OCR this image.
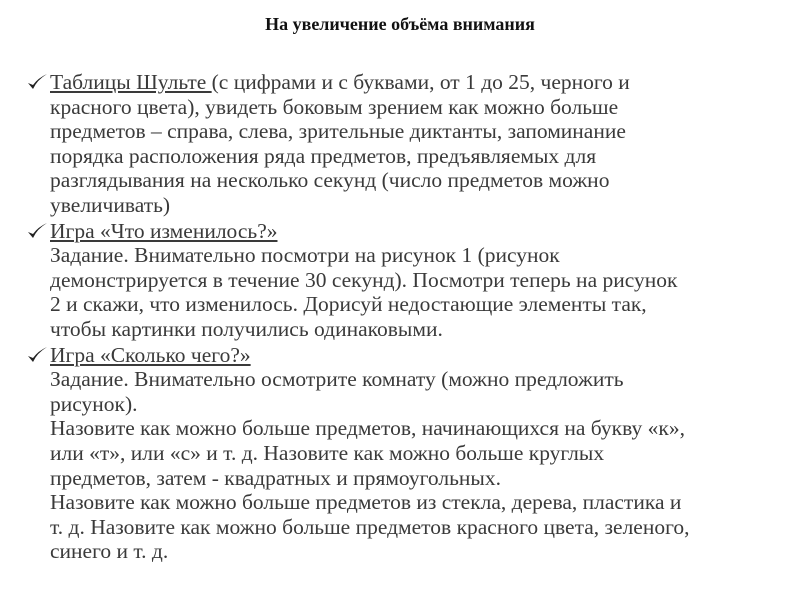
На увеличение объёма внимания
Таблицы Шульте (с цифрами и с буквами, от 1 до 25, черного и
красного цвета), увидеть боковым зрением как можно больше
предметов – справа, слева, зрительные диктанты, запоминание
порядка расположения ряда предметов, предъявляемых для
разглядывания на несколько секунд (число предметов можно
увеличивать)
Игра «Что изменилось?»
Задание. Внимательно посмотри на рисунок 1 (рисунок
демонстрируется в течение 30 секунд). Посмотри теперь на рисунок
2 и скажи, что изменилось. Дорисуй недостающие элементы так,
чтобы картинки получились одинаковыми.
Игра «Сколько чего?»
Задание. Внимательно осмотрите комнату (можно предложить
рисунок).
Назовите как можно больше предметов, начинающихся на букву «к»,
или «т», или «с» и т. д. Назовите как можно больше круглых
предметов, затем - квадратных и прямоугольных.
Назовите как можно больше предметов из стекла, дерева, пластика и
т. д. Назовите как можно больше предметов красного цвета, зеленого,
синего и т. д.
